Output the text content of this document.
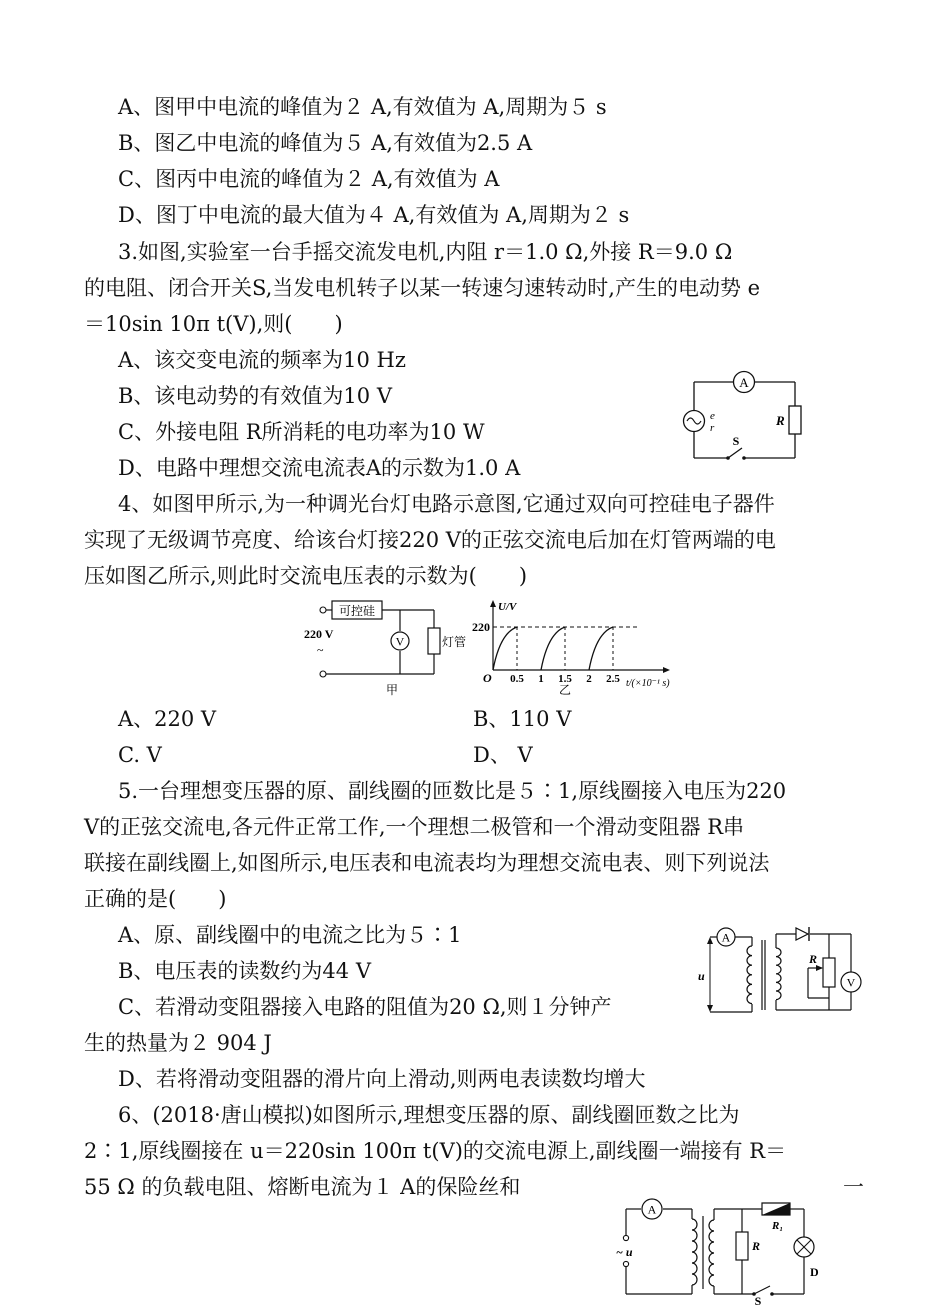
A、图甲中电流的峰值为２ A,有效值为 A,周期为５ s
B、图乙中电流的峰值为５ A,有效值为2.5 A
C、图丙中电流的峰值为２ A,有效值为 A
D、图丁中电流的最大值为４ A,有效值为 A,周期为２ s
3.如图,实验室一台手摇交流发电机,内阻 r＝1.0 Ω,外接 R＝9.0 Ω
的电阻、闭合开关S,当发电机转子以某一转速匀速转动时,产生的电动势 e
＝10sin 10π t(V),则(　　)
A、该交变电流的频率为10 Hz
B、该电动势的有效值为10 V
C、外接电阻 R所消耗的电功率为10 W
D、电路中理想交流电流表A的示数为1.0 A
4、如图甲所示,为一种调光台灯电路示意图,它通过双向可控硅电子器件
实现了无级调节亮度、给该台灯接220 V的正弦交流电后加在灯管两端的电
压如图乙所示,则此时交流电压表的示数为(　　)
A、220 V	B、110 V
C. V	D、 V
5.一台理想变压器的原、副线圈的匝数比是５∶1,原线圈接入电压为220
V的正弦交流电,各元件正常工作,一个理想二极管和一个滑动变阻器 R串
联接在副线圈上,如图所示,电压表和电流表均为理想交流电表、则下列说法
正确的是(　　)
A、原、副线圈中的电流之比为５∶1
B、电压表的读数约为44 V
C、若滑动变阻器接入电路的阻值为20 Ω,则１分钟产
生的热量为２ 904 J
D、若将滑动变阻器的滑片向上滑动,则两电表读数均增大
6、(2018·唐山模拟)如图所示,理想变压器的原、副线圈匝数之比为
2∶1,原线圈接在 u＝220sin 100π t(V)的交流电源上,副线圈一端接有 R＝
55 Ω 的负载电阻、熔断电流为１ A的保险丝和	一
A
e
r	R
S
可控硅
220 V
~
V	灯管
甲
U/V
220
O 0.5 1 1.5 2 2.5 t/(×10⁻¹ s)
乙
u
A
R
V
~ u
A
R
R₁
D
S
